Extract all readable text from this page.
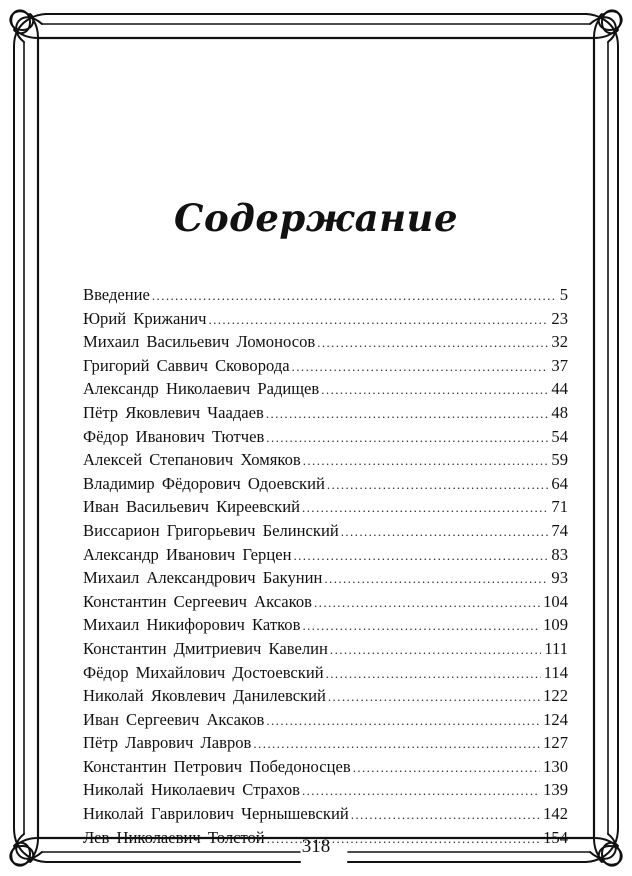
Содержание
Введение .....	5
Юрий Крижанич .....	23
Михаил Васильевич Ломоносов .....	32
Григорий Саввич Сковорода .....	37
Александр Николаевич Радищев .....	44
Пётр Яковлевич Чаадаев .....	48
Фёдор Иванович Тютчев .....	54
Алексей Степанович Хомяков .....	59
Владимир Фёдорович Одоевский .....	64
Иван Васильевич Киреевский .....	71
Виссарион Григорьевич Белинский .....	74
Александр Иванович Герцен .....	83
Михаил Александрович Бакунин .....	93
Константин Сергеевич Аксаков .....	104
Михаил Никифорович Катков .....	109
Константин Дмитриевич Кавелин .....	111
Фёдор Михайлович Достоевский .....	114
Николай Яковлевич Данилевский .....	122
Иван Сергеевич Аксаков .....	124
Пётр Лаврович Лавров .....	127
Константин Петрович Победоносцев .....	130
Николай Николаевич Страхов .....	139
Николай Гаврилович Чернышевский .....	142
Лев Николаевич Толстой .....	154
318
